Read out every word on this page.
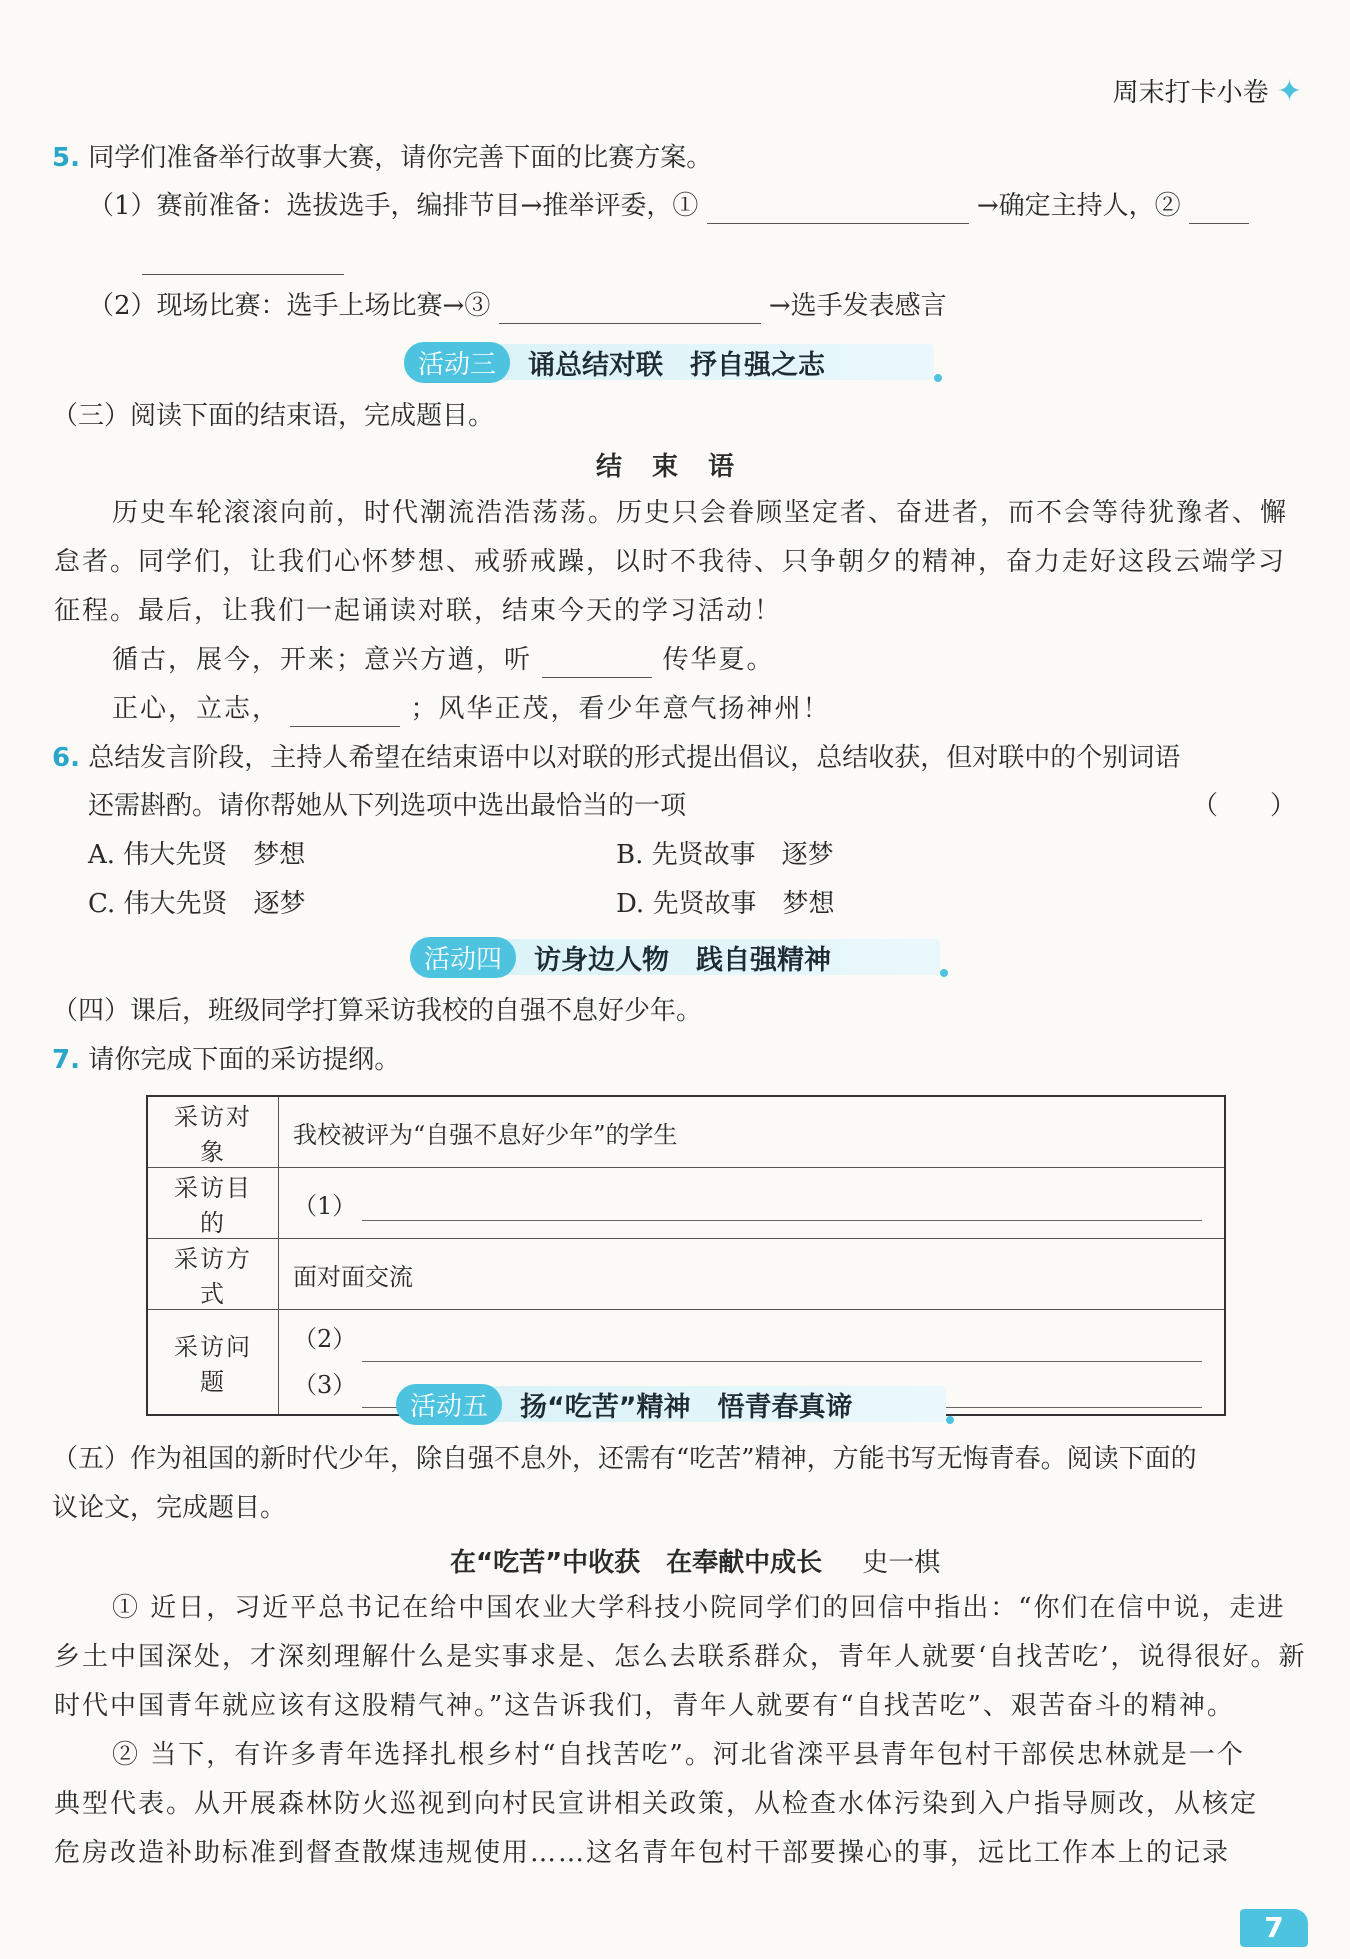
周末打卡小卷 ✦
5. 同学们准备举行故事大赛，请你完善下面的比赛方案。
（1）赛前准备：选拔选手，编排节目→推举评委，①	→确定主持人，②
（2）现场比赛：选手上场比赛→③	→选手发表感言
活动三	诵总结对联　抒自强之志
（三）阅读下面的结束语，完成题目。
结束语
历史车轮滚滚向前，时代潮流浩浩荡荡。历史只会眷顾坚定者、奋进者，而不会等待犹豫者、懈
怠者。同学们，让我们心怀梦想、戒骄戒躁，以时不我待、只争朝夕的精神，奋力走好这段云端学习
征程。最后，让我们一起诵读对联，结束今天的学习活动！
循古，展今，开来；意兴方遒，听	传华夏。
正心，立志，	；风华正茂，看少年意气扬神州！
6. 总结发言阶段，主持人希望在结束语中以对联的形式提出倡议，总结收获，但对联中的个别词语
还需斟酌。请你帮她从下列选项中选出最恰当的一项	（　　）
A. 伟大先贤　梦想	B. 先贤故事　逐梦
C. 伟大先贤　逐梦	D. 先贤故事　梦想
活动四	访身边人物　践自强精神
（四）课后，班级同学打算采访我校的自强不息好少年。
7. 请你完成下面的采访提纲。
采访对象	我校被评为“自强不息好少年”的学生
采访目的	（1）
采访方式	面对面交流
采访问题	（2）
（3）
活动五	扬“吃苦”精神　悟青春真谛
（五）作为祖国的新时代少年，除自强不息外，还需有“吃苦”精神，方能书写无悔青春。阅读下面的
议论文，完成题目。
在“吃苦”中收获　在奉献中成长 史一棋
① 近日，习近平总书记在给中国农业大学科技小院同学们的回信中指出：“你们在信中说，走进
乡土中国深处，才深刻理解什么是实事求是、怎么去联系群众，青年人就要‘自找苦吃’，说得很好。新
时代中国青年就应该有这股精气神。”这告诉我们，青年人就要有“自找苦吃”、艰苦奋斗的精神。
② 当下，有许多青年选择扎根乡村“自找苦吃”。河北省滦平县青年包村干部侯忠林就是一个
典型代表。从开展森林防火巡视到向村民宣讲相关政策，从检查水体污染到入户指导厕改，从核定
危房改造补助标准到督查散煤违规使用……这名青年包村干部要操心的事，远比工作本上的记录
7
